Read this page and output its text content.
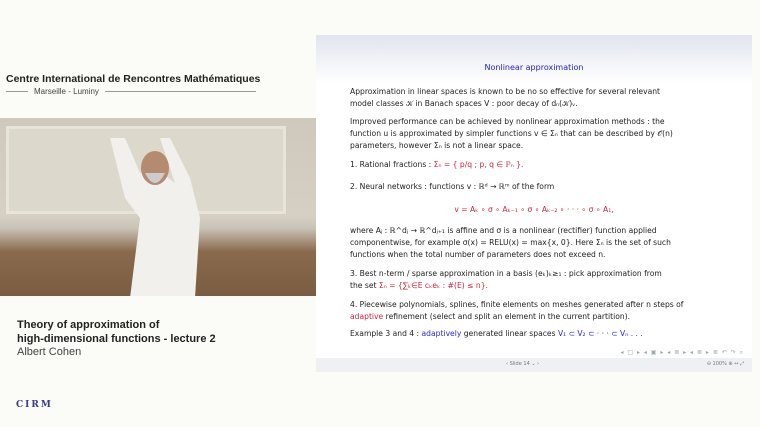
Centre International de Rencontres Mathématiques
Marseille - Luminy
Theory of approximation of
high-dimensional functions - lecture 2
Albert Cohen
CIRM
Nonlinear approximation
Approximation in linear spaces is known to be no so effective for several relevant
model classes 𝒦 in Banach spaces V : poor decay of dₙ(𝒦)ᵥ.
Improved performance can be achieved by nonlinear approximation methods : the
function u is approximated by simpler functions v ∈ Σₙ that can be described by 𝒪(n)
parameters, however Σₙ is not a linear space.
1. Rational fractions : Σₙ = { p/q ; p, q ∈ ℙₙ }.
2. Neural networks : functions v : ℝᵈ → ℝᵐ of the form
v = Aₖ ∘ σ ∘ Aₖ₋₁ ∘ σ ∘ Aₖ₋₂ ∘ · · · ∘ σ ∘ A₁,
where Aⱼ : ℝ^dⱼ → ℝ^dⱼ₊₁ is affine and σ is a nonlinear (rectifier) function applied
componentwise, for example σ(x) = RELU(x) = max{x, 0}. Here Σₙ is the set of such
functions when the total number of parameters does not exceed n.
3. Best n-term / sparse approximation in a basis (eₖ)ₖ≥₁ : pick approximation from
the set Σₙ = {∑ₖ∈E cₖeₖ : #(E) ≤ n}.
4. Piecewise polynomials, splines, finite elements on meshes generated after n steps of
adaptive refinement (select and split an element in the current partition).
Example 3 and 4 : adaptively generated linear spaces V₁ ⊂ V₂ ⊂ · · · ⊂ Vₙ . . .
◂ □ ▸ ◂ ▣ ▸ ◂ ≣ ▸ ◂ ≣ ▸ ≣ ↶ ↷ ⌕
‹ Slide 14 ⌄ ›	⊖ 100% ⊕ ↔ ⤢
